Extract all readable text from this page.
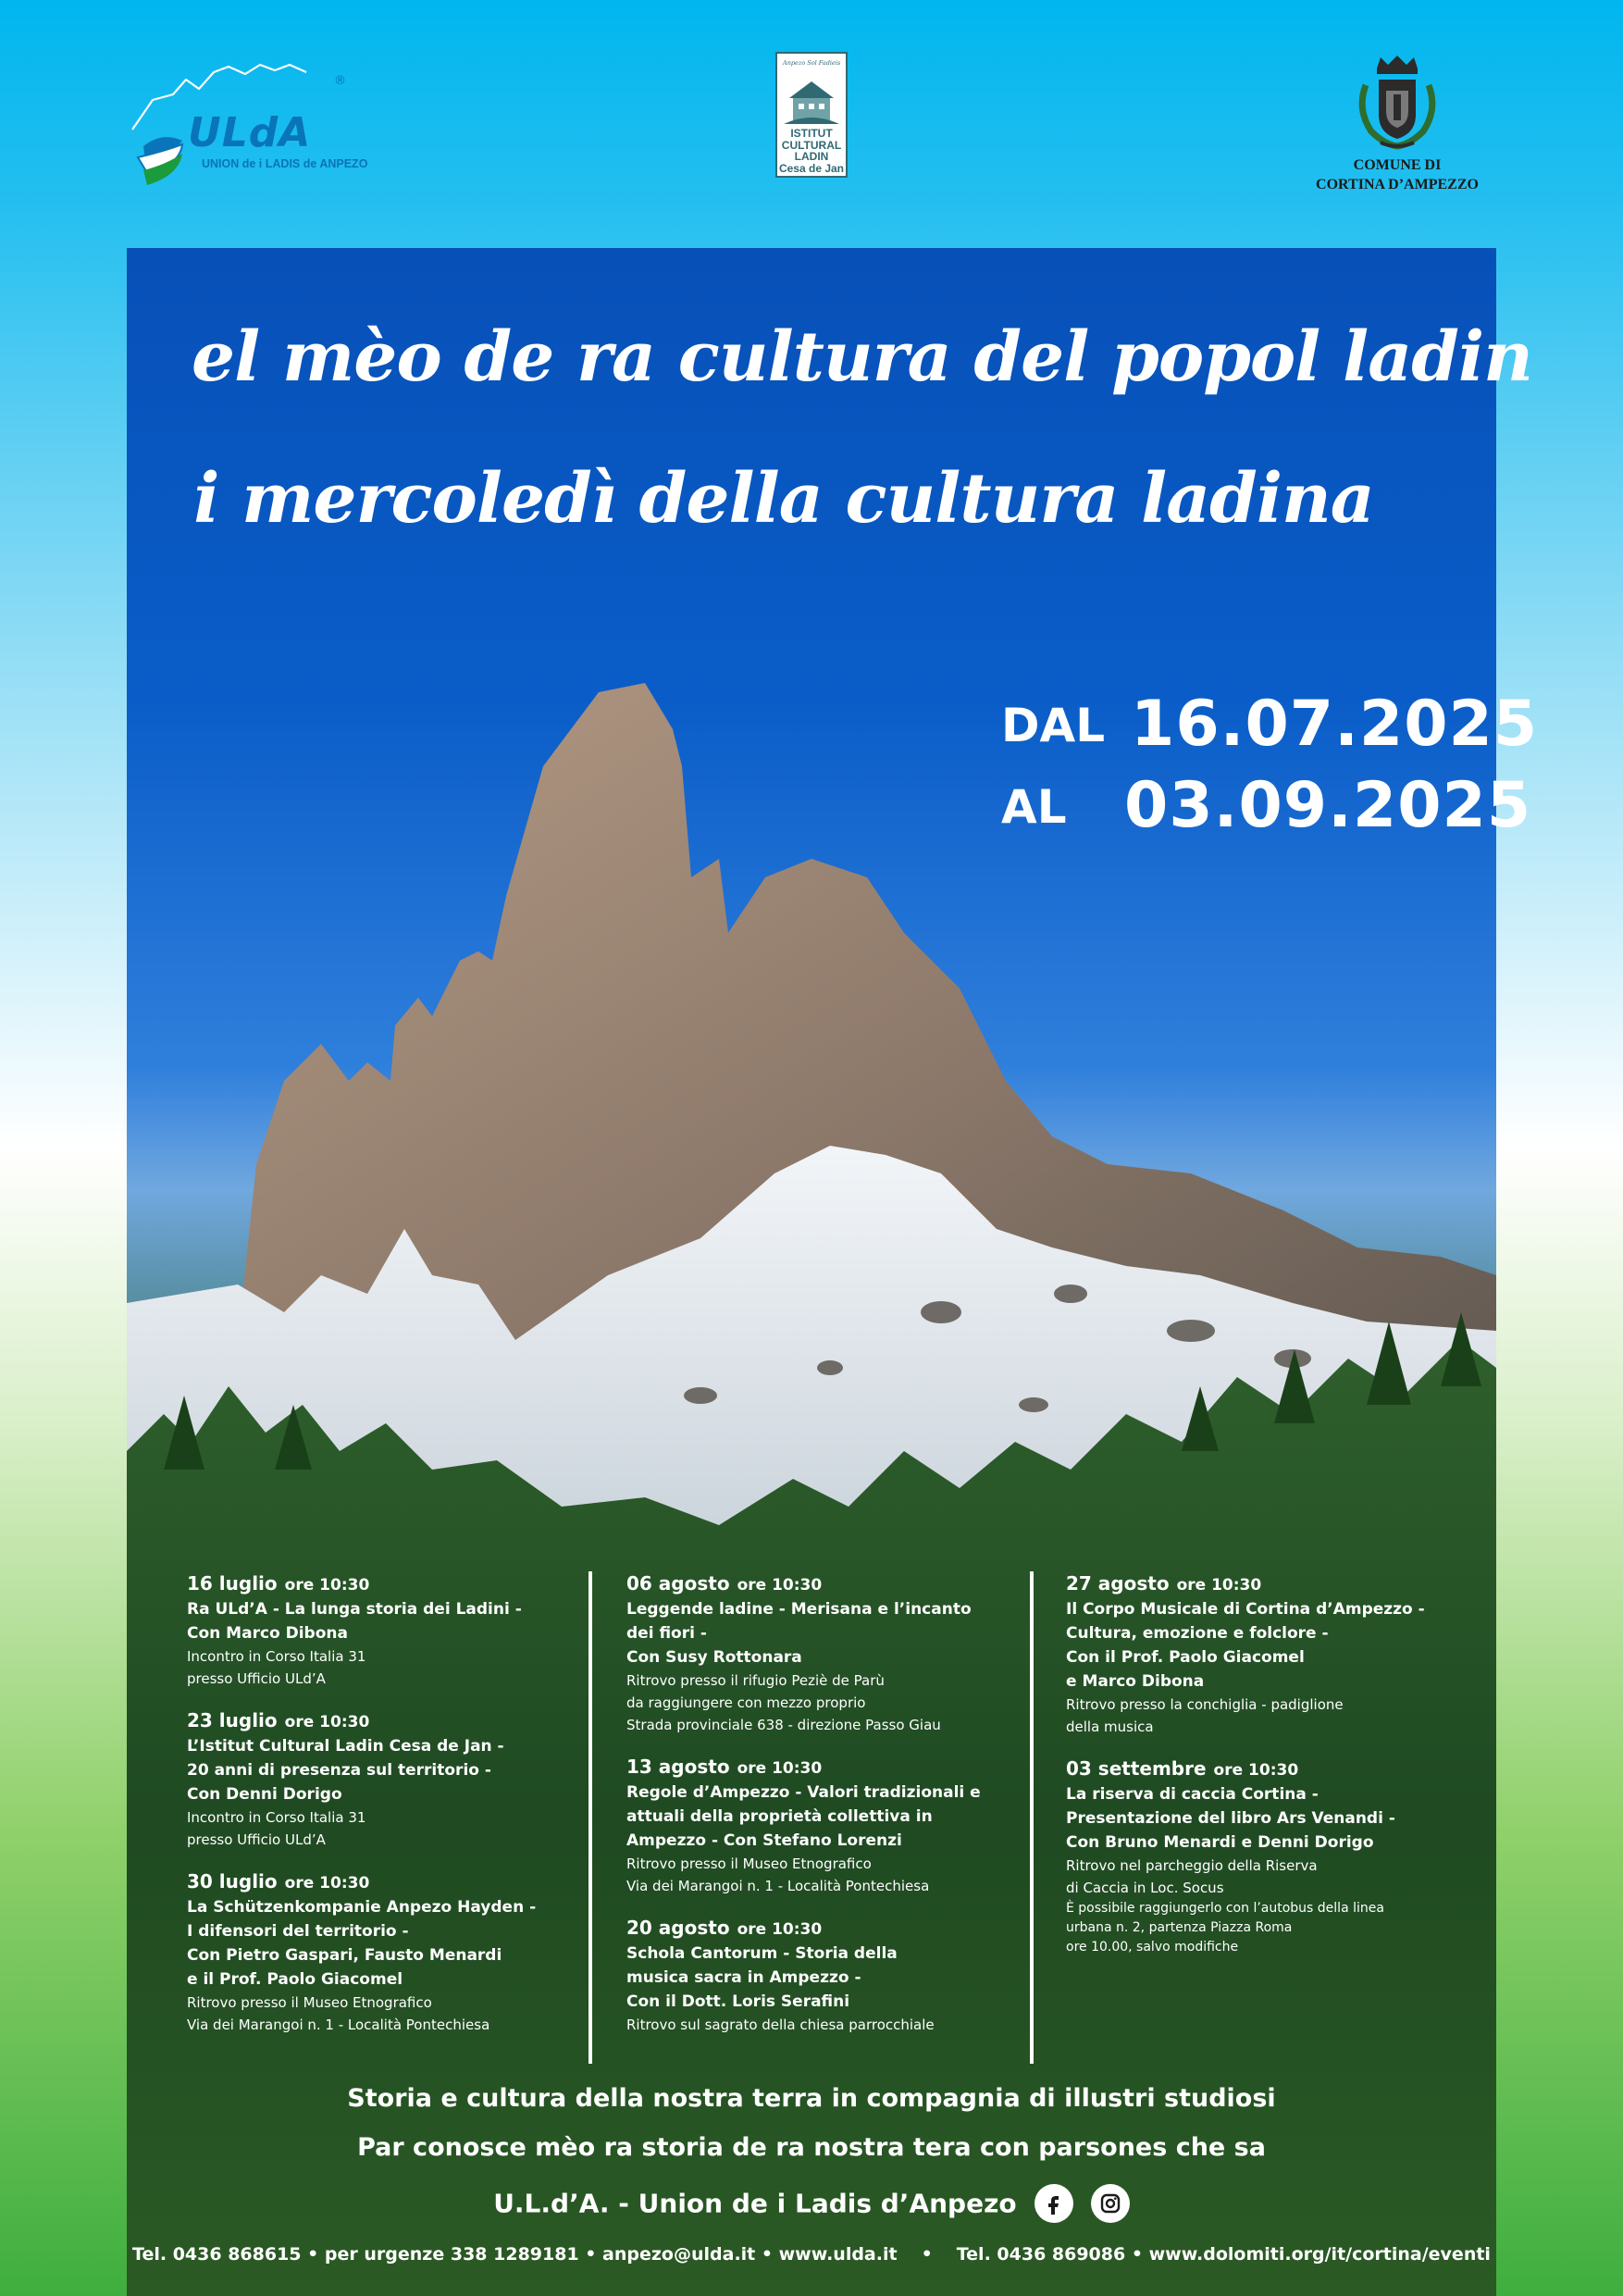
®
ULdA
UNION de i LADIS de ANPEZO
Anpezo Sol Fadieis
ISTITUT
CULTURAL
LADIN
Cesa de Jan	COMUNE DI
CORTINA D’AMPEZZO
el mèo de ra cultura del popol ladin
i mercoledì della cultura ladina
DAL 16.07.2025
AL 03.09.2025
16 luglio ore 10:30
Ra ULd’A - La lunga storia dei Ladini -
Con Marco Dibona
Incontro in Corso Italia 31
presso Ufficio ULd’A
23 luglio ore 10:30
L’Istitut Cultural Ladin Cesa de Jan -
20 anni di presenza sul territorio -
Con Denni Dorigo
Incontro in Corso Italia 31
presso Ufficio ULd’A
30 luglio ore 10:30
La Schützenkompanie Anpezo Hayden -
I difensori del territorio -
Con Pietro Gaspari, Fausto Menardi
e il Prof. Paolo Giacomel
Ritrovo presso il Museo Etnografico
Via dei Marangoi n. 1 - Località Pontechiesa
06 agosto ore 10:30
Leggende ladine - Merisana e l’incanto
dei fiori -
Con Susy Rottonara
Ritrovo presso il rifugio Peziè de Parù
da raggiungere con mezzo proprio
Strada provinciale 638 - direzione Passo Giau
13 agosto ore 10:30
Regole d’Ampezzo - Valori tradizionali e
attuali della proprietà collettiva in
Ampezzo - Con Stefano Lorenzi
Ritrovo presso il Museo Etnografico
Via dei Marangoi n. 1 - Località Pontechiesa
20 agosto ore 10:30
Schola Cantorum - Storia della
musica sacra in Ampezzo -
Con il Dott. Loris Serafini
Ritrovo sul sagrato della chiesa parrocchiale
27 agosto ore 10:30
Il Corpo Musicale di Cortina d’Ampezzo -
Cultura, emozione e folclore -
Con il Prof. Paolo Giacomel
e Marco Dibona
Ritrovo presso la conchiglia - padiglione
della musica
03 settembre ore 10:30
La riserva di caccia Cortina -
Presentazione del libro Ars Venandi -
Con Bruno Menardi e Denni Dorigo
Ritrovo nel parcheggio della Riserva
di Caccia in Loc. Socus
È possibile raggiungerlo con l’autobus della linea
urbana n. 2, partenza Piazza Roma
ore 10.00, salvo modifiche
Storia e cultura della nostra terra in compagnia di illustri studiosi
Par conosce mèo ra storia de ra nostra tera con parsones che sa
U.L.d’A. - Union de i Ladis d’Anpezo

Tel. 0436 868615 • per urgenze 338 1289181 • anpezo@ulda.it • www.ulda.it • Tel. 0436 869086 • www.dolomiti.org/it/cortina/eventi
